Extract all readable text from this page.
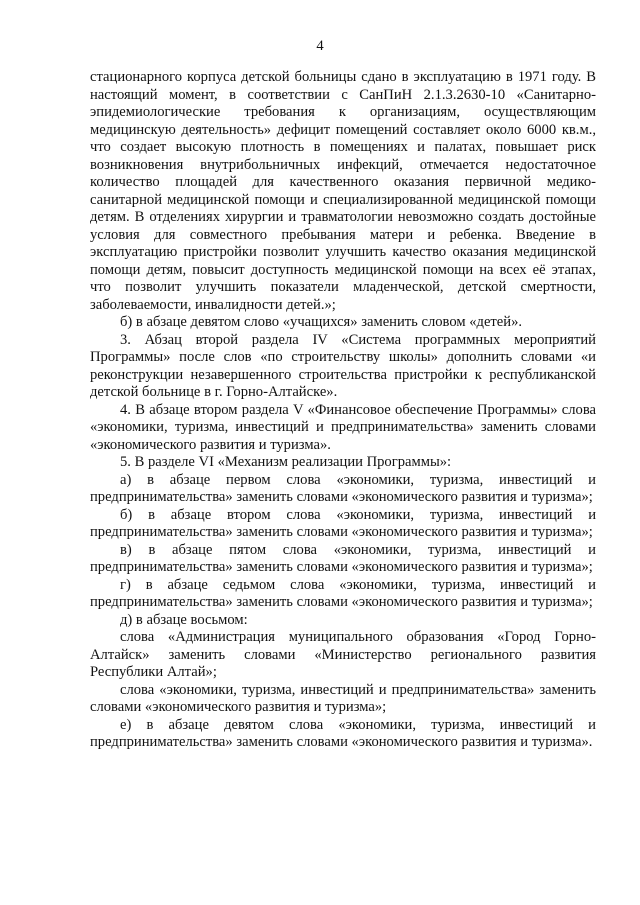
4

стационарного корпуса детской больницы сдано в эксплуатацию в 1971 году. В настоящий момент, в соответствии с СанПиН 2.1.3.2630-10 «Санитарно-эпидемиологические требования к организациям, осуществляющим медицинскую деятельность» дефицит помещений составляет около 6000 кв.м., что создает высокую плотность в помещениях и палатах, повышает риск возникновения внутрибольничных инфекций, отмечается недостаточное количество площадей для качественного оказания первичной медико-санитарной медицинской помощи и специализированной медицинской помощи детям. В отделениях хирургии и травматологии невозможно создать достойные условия для совместного пребывания матери и ребенка. Введение в эксплуатацию пристройки позволит улучшить качество оказания медицинской помощи детям, повысит доступность медицинской помощи на всех её этапах, что позволит улучшить показатели младенческой, детской смертности, заболеваемости, инвалидности детей.»;

б) в абзаце девятом слово «учащихся» заменить словом «детей».

3. Абзац второй раздела IV «Система программных мероприятий Программы» после слов «по строительству школы» дополнить словами «и реконструкции незавершенного строительства пристройки к республиканской детской больнице в г. Горно-Алтайске».

4. В абзаце втором раздела V «Финансовое обеспечение Программы» слова «экономики, туризма, инвестиций и предпринимательства» заменить словами «экономического развития и туризма».

5. В разделе VI «Механизм реализации Программы»:

а) в абзаце первом слова «экономики, туризма, инвестиций и предпринимательства» заменить словами «экономического развития и туризма»;

б) в абзаце втором слова «экономики, туризма, инвестиций и предпринимательства» заменить словами «экономического развития и туризма»;

в) в абзаце пятом слова «экономики, туризма, инвестиций и предпринимательства» заменить словами «экономического развития и туризма»;

г) в абзаце седьмом слова «экономики, туризма, инвестиций и предпринимательства» заменить словами «экономического развития и туризма»;

д) в абзаце восьмом:

слова «Администрация муниципального образования «Город Горно-Алтайск» заменить словами «Министерство регионального развития Республики Алтай»;

слова «экономики, туризма, инвестиций и предпринимательства» заменить словами «экономического развития и туризма»;

е) в абзаце девятом слова «экономики, туризма, инвестиций и предпринимательства» заменить словами «экономического развития и туризма».
